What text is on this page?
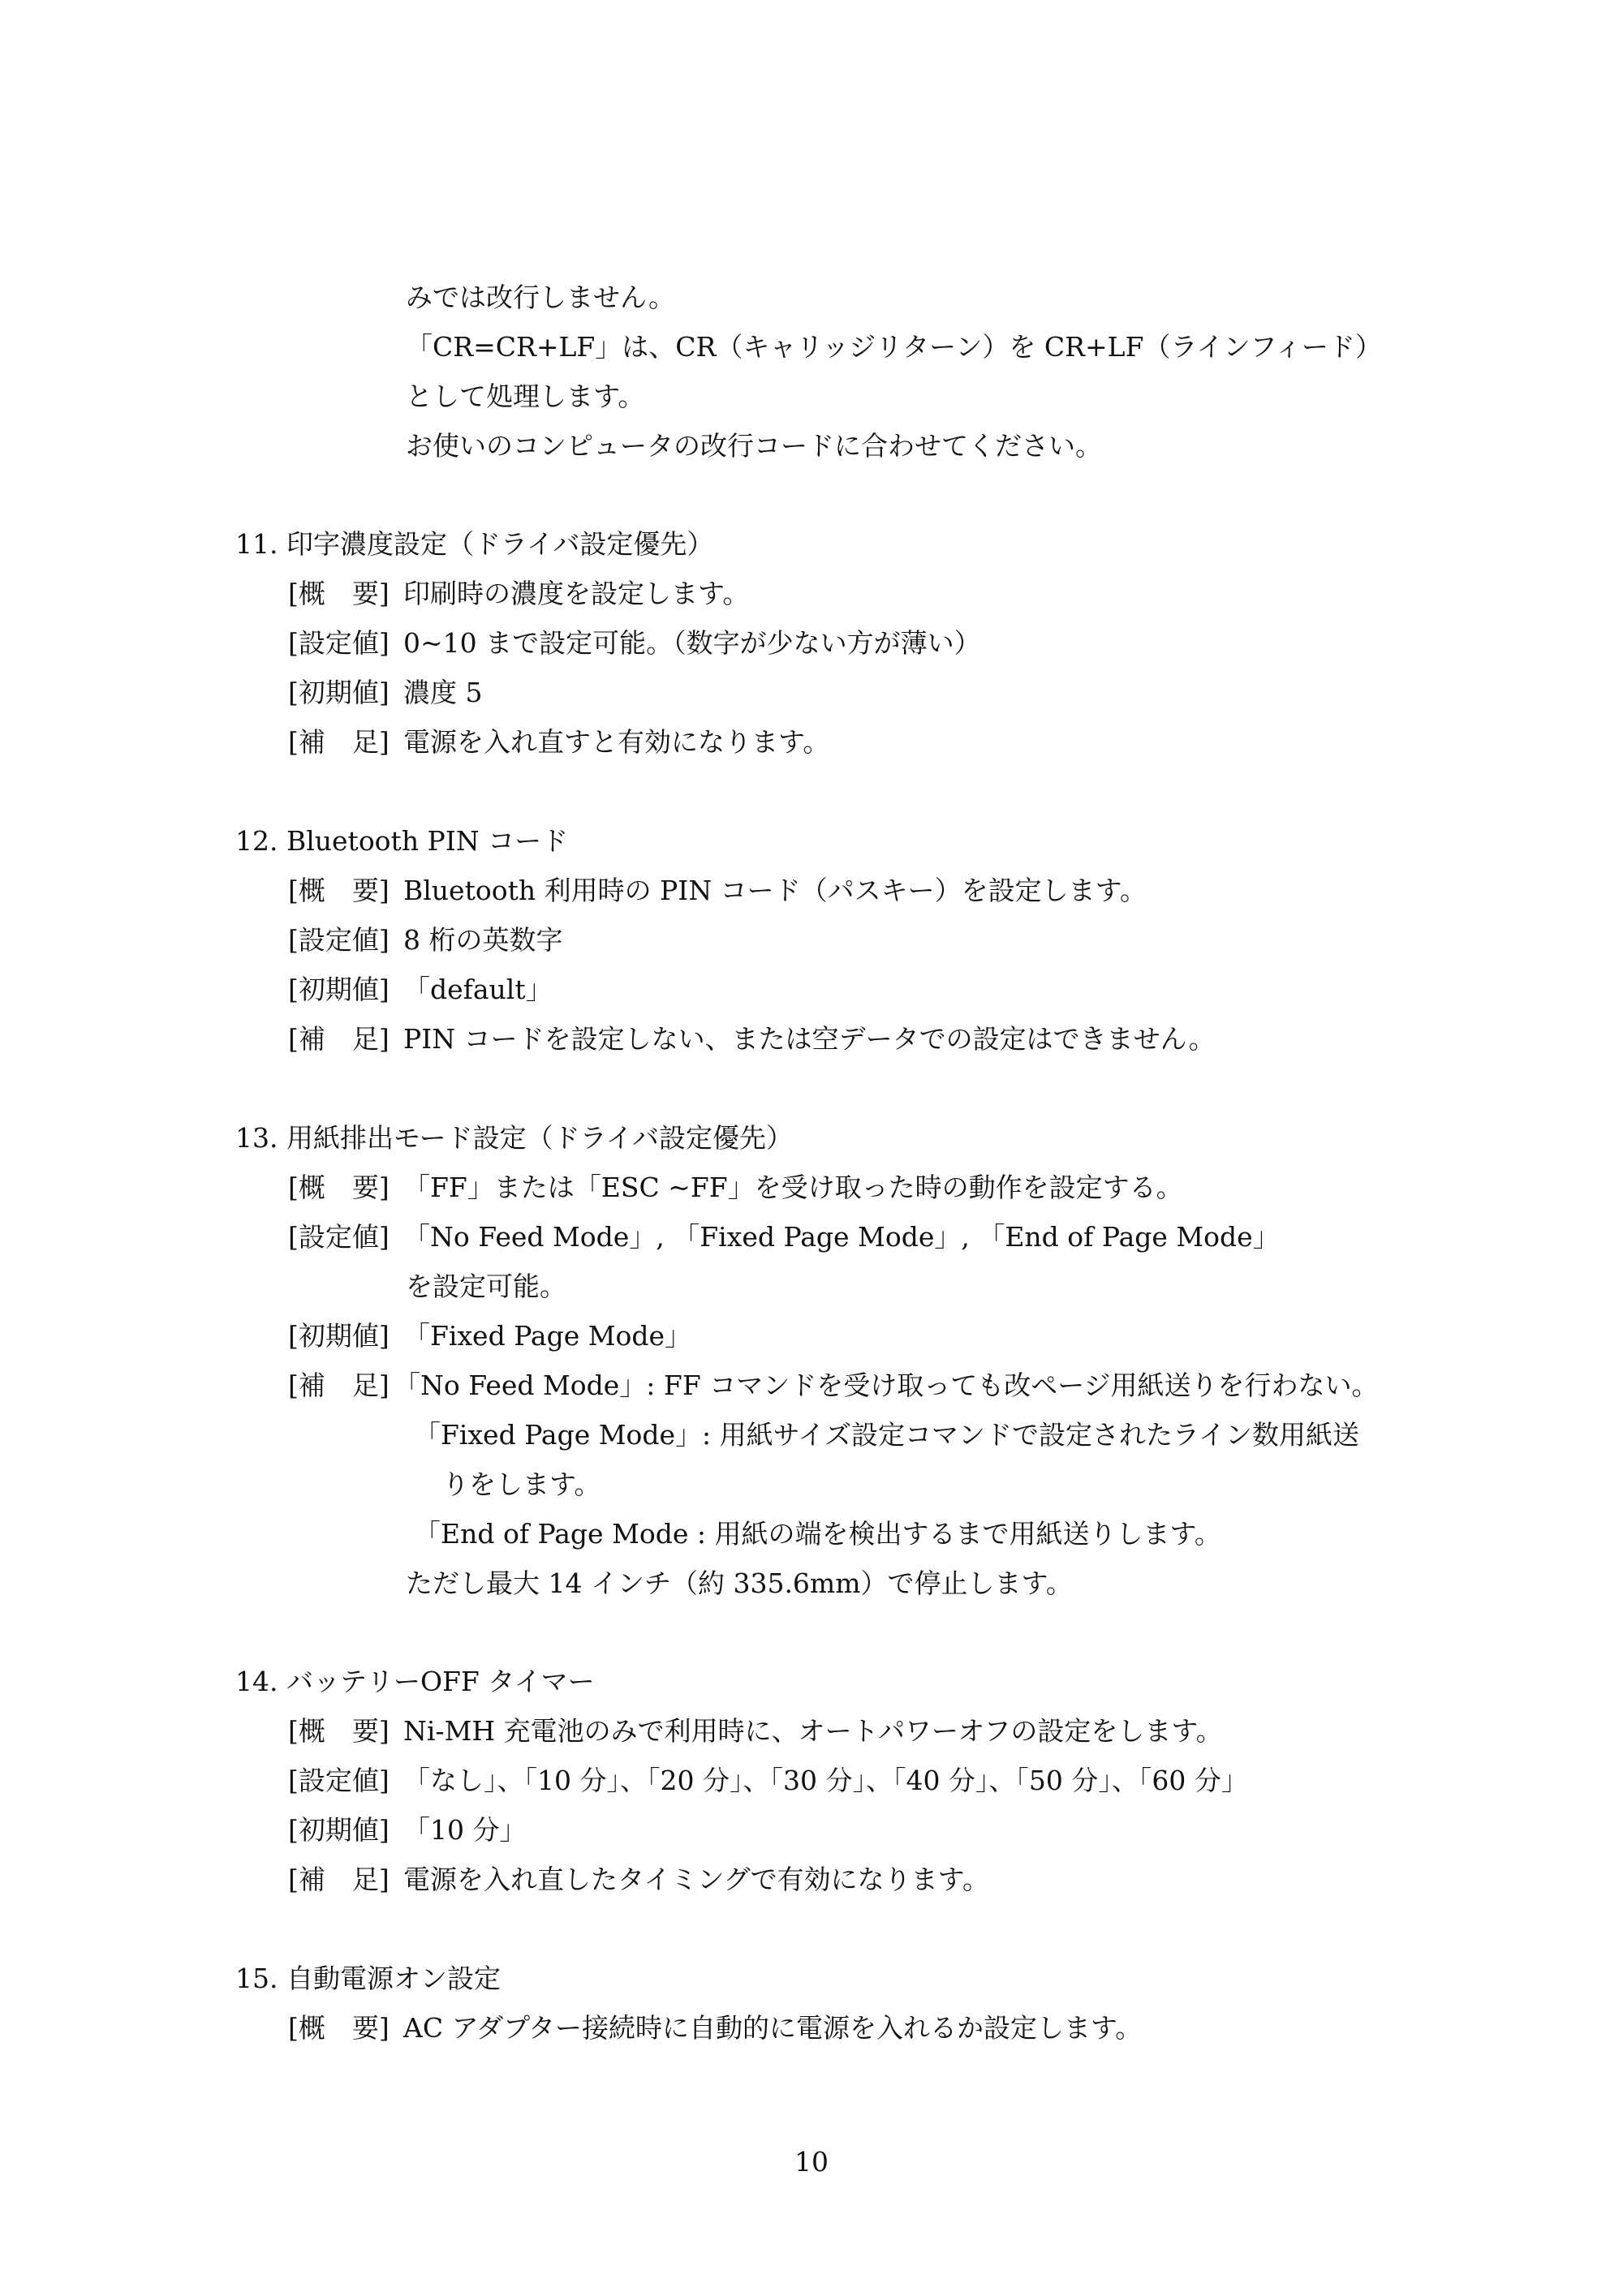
みでは改行しません。
「CR=CR+LF」は、CR（キャリッジリターン）を CR+LF（ラインフィード）
として処理します。
お使いのコンピュータの改行コードに合わせてください。
11. 印字濃度設定（ドライバ設定優先）
[概　要] 印刷時の濃度を設定します。
[設定値] 0~10 まで設定可能。（数字が少ない方が薄い）
[初期値] 濃度 5
[補　足] 電源を入れ直すと有効になります。
12. Bluetooth PIN コード
[概　要] Bluetooth 利用時の PIN コード（パスキー）を設定します。
[設定値] 8 桁の英数字
[初期値] 「default」
[補　足] PIN コードを設定しない、または空データでの設定はできません。
13. 用紙排出モード設定（ドライバ設定優先）
[概　要] 「FF」または「ESC ~FF」を受け取った時の動作を設定する。
[設定値] 「No Feed Mode」, 「Fixed Page Mode」, 「End of Page Mode」
を設定可能。
[初期値] 「Fixed Page Mode」
[補　足] 「No Feed Mode」: FF コマンドを受け取っても改ページ用紙送りを行わない。
「Fixed Page Mode」: 用紙サイズ設定コマンドで設定されたライン数用紙送
りをします。
「End of Page Mode : 用紙の端を検出するまで用紙送りします。
ただし最大 14 インチ（約 335.6mm）で停止します。
14. バッテリーOFF タイマー
[概　要] Ni-MH 充電池のみで利用時に、オートパワーオフの設定をします。
[設定値] 「なし」、「10 分」、「20 分」、「30 分」、「40 分」、「50 分」、「60 分」
[初期値] 「10 分」
[補　足] 電源を入れ直したタイミングで有効になります。
15. 自動電源オン設定
[概　要] AC アダプター接続時に自動的に電源を入れるか設定します。
10
